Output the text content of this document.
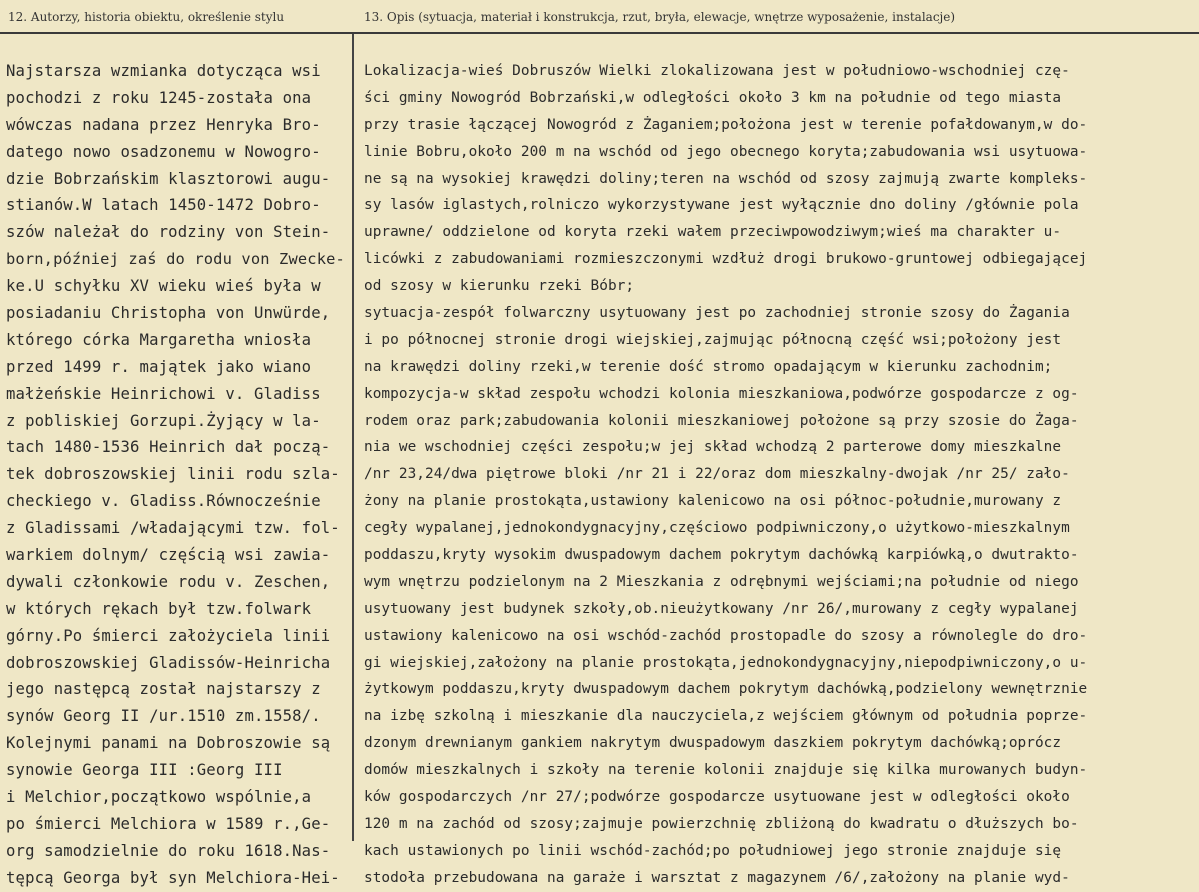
12. Autorzy, historia obiektu, określenie stylu	13. Opis (sytuacja, materiał i konstrukcja, rzut, bryła, elewacje, wnętrze wyposażenie, instalacje)
Najstarsza wzmianka dotycząca wsi
pochodzi z roku 1245-została ona
wówczas nadana przez Henryka Bro-
datego nowo osadzonemu w Nowogro-
dzie Bobrzańskim klasztorowi augu-
stianów.W latach 1450-1472 Dobro-
szów należał do rodziny von Stein-
born,później zaś do rodu von Zwecke-
ke.U schyłku XV wieku wieś była w
posiadaniu Christopha von Unwürde,
którego córka Margaretha wniosła
przed 1499 r. majątek jako wiano
małżeńskie Heinrichowi v. Gladiss
z pobliskiej Gorzupi.Żyjący w la-
tach 1480-1536 Heinrich dał począ-
tek dobroszowskiej linii rodu szla-
checkiego v. Gladiss.Równocześnie
z Gladissami /władającymi tzw. fol-
warkiem dolnym/ częścią wsi zawia-
dywali członkowie rodu v. Zeschen,
w których rękach był tzw.folwark
górny.Po śmierci założyciela linii
dobroszowskiej Gladissów-Heinricha
jego następcą został najstarszy z
synów Georg II /ur.1510 zm.1558/.
Kolejnymi panami na Dobroszowie są
synowie Georga III :Georg III
i Melchior,początkowo wspólnie,a
po śmierci Melchiora w 1589 r.,Ge-
org samodzielnie do roku 1618.Nas-
tępcą Georga był syn Melchiora-Hei-
Lokalizacja-wieś Dobruszów Wielki zlokalizowana jest w południowo-wschodniej czę-
ści gminy Nowogród Bobrzański,w odległości około 3 km na południe od tego miasta
przy trasie łączącej Nowogród z Żaganiem;położona jest w terenie pofałdowanym,w do-
linie Bobru,około 200 m na wschód od jego obecnego koryta;zabudowania wsi usytuowa-
ne są na wysokiej krawędzi doliny;teren na wschód od szosy zajmują zwarte kompleks-
sy lasów iglastych,rolniczo wykorzystywane jest wyłącznie dno doliny /głównie pola
uprawne/ oddzielone od koryta rzeki wałem przeciwpowodziwym;wieś ma charakter u-
licówki z zabudowaniami rozmieszczonymi wzdłuż drogi brukowo-gruntowej odbiegającej
od szosy w kierunku rzeki Bóbr;
sytuacja-zespół folwarczny usytuowany jest po zachodniej stronie szosy do Żagania
i po północnej stronie drogi wiejskiej,zajmując północną część wsi;położony jest
na krawędzi doliny rzeki,w terenie dość stromo opadającym w kierunku zachodnim;
kompozycja-w skład zespołu wchodzi kolonia mieszkaniowa,podwórze gospodarcze z og-
rodem oraz park;zabudowania kolonii mieszkaniowej położone są przy szosie do Żaga-
nia we wschodniej części zespołu;w jej skład wchodzą 2 parterowe domy mieszkalne
/nr 23,24/dwa piętrowe bloki /nr 21 i 22/oraz dom mieszkalny-dwojak /nr 25/ zało-
żony na planie prostokąta,ustawiony kalenicowo na osi północ-południe,murowany z
cegły wypalanej,jednokondygnacyjny,częściowo podpiwniczony,o użytkowo-mieszkalnym
poddaszu,kryty wysokim dwuspadowym dachem pokrytym dachówką karpiówką,o dwutrakto-
wym wnętrzu podzielonym na 2 Mieszkania z odrębnymi wejściami;na południe od niego
usytuowany jest budynek szkoły,ob.nieużytkowany /nr 26/,murowany z cegły wypalanej
ustawiony kalenicowo na osi wschód-zachód prostopadle do szosy a równolegle do dro-
gi wiejskiej,założony na planie prostokąta,jednokondygnacyjny,niepodpiwniczony,o u-
żytkowym poddaszu,kryty dwuspadowym dachem pokrytym dachówką,podzielony wewnętrznie
na izbę szkolną i mieszkanie dla nauczyciela,z wejściem głównym od południa poprze-
dzonym drewnianym gankiem nakrytym dwuspadowym daszkiem pokrytym dachówką;oprócz
domów mieszkalnych i szkoły na terenie kolonii znajduje się kilka murowanych budyn-
ków gospodarczych /nr 27/;podwórze gospodarcze usytuowane jest w odległości około
120 m na zachód od szosy;zajmuje powierzchnię zbliżoną do kwadratu o dłuższych bo-
kach ustawionych po linii wschód-zachód;po południowej jego stronie znajduje się
stodoła przebudowana na garaże i warsztat z magazynem /6/,założony na planie wyd-
